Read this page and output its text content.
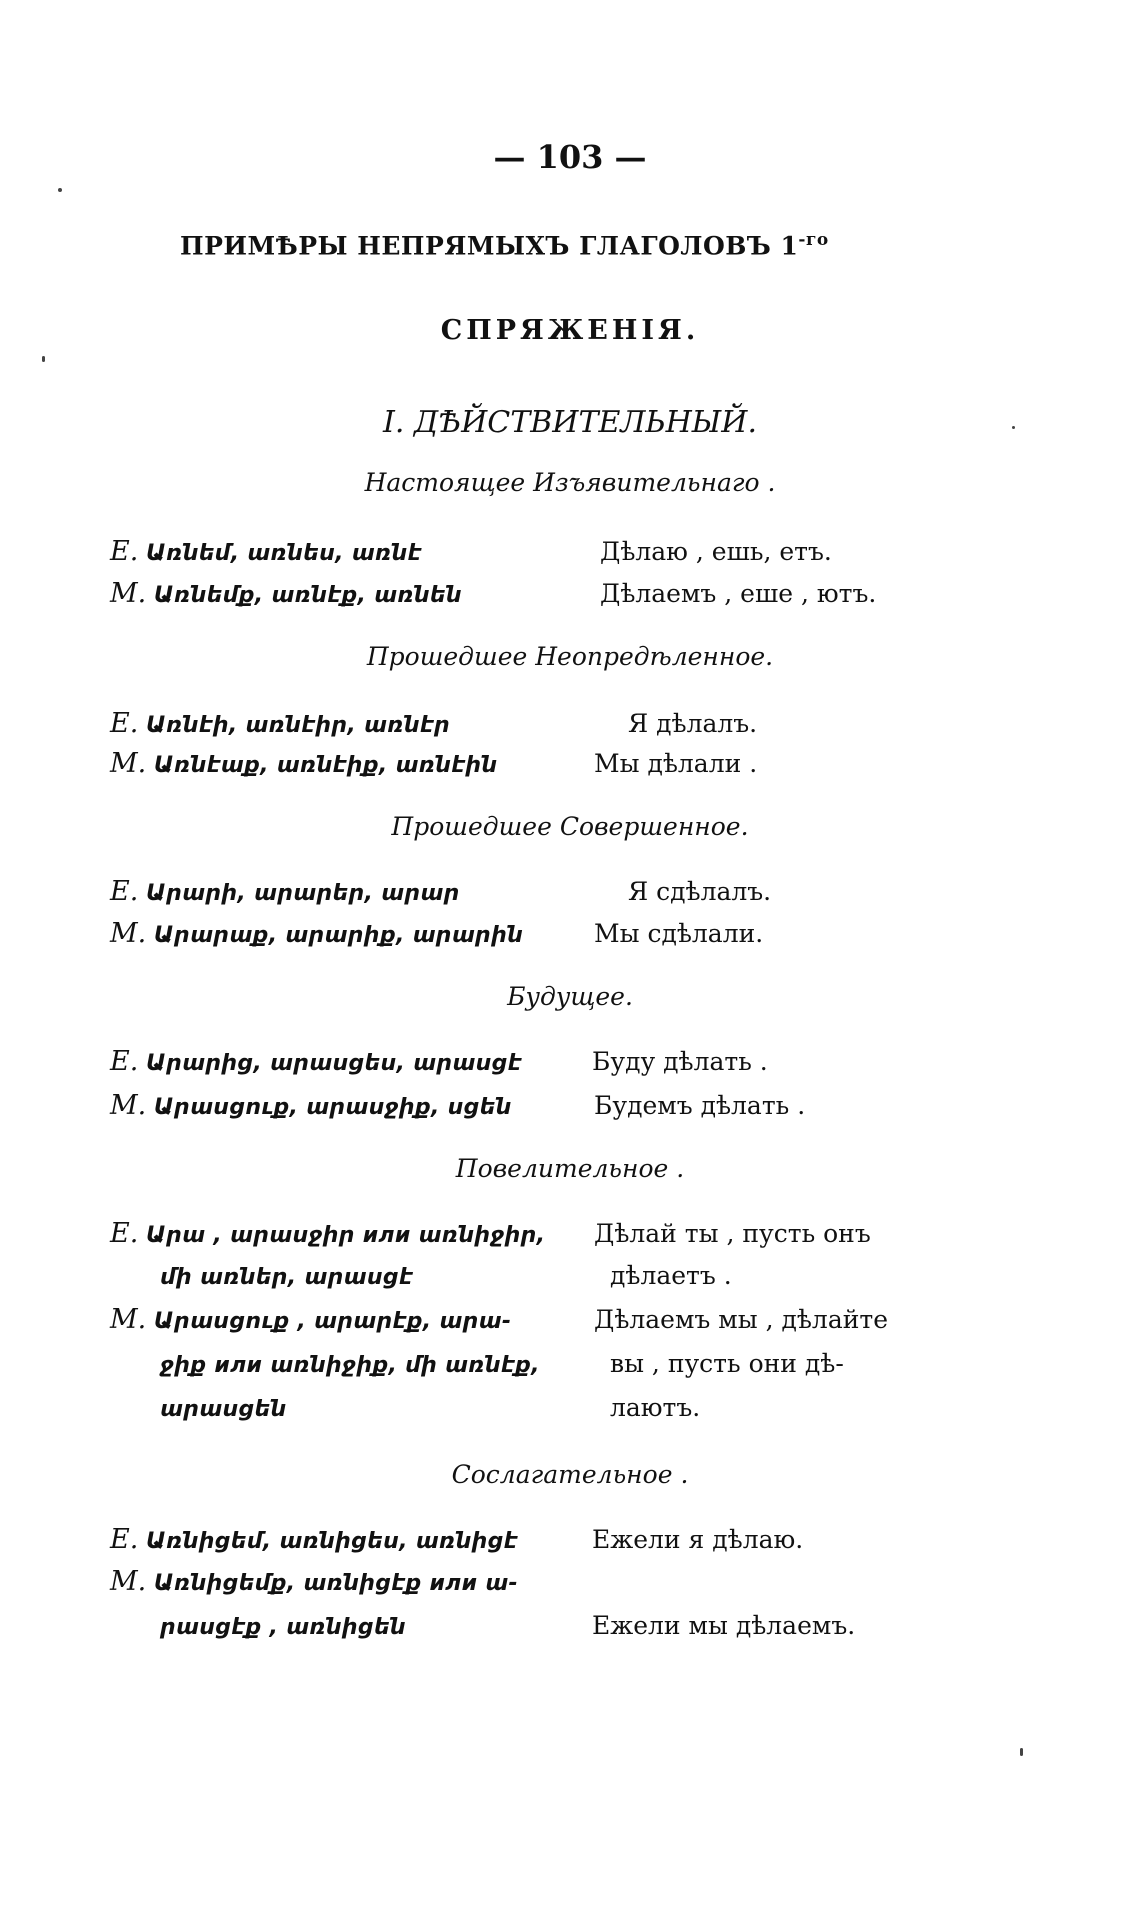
— 103 —
ПРИМѢРЫ НЕПРЯМЫХЪ ГЛАГОЛОВЪ $1^{-го}$
СПРЯЖЕНІЯ.
I. ДѢЙСТВИТЕЛЬНЫЙ.
Настоящее Изъявительнаго .
Е. Առնեմ, առնես, առնէ	Дѣлаю , ешь, етъ.
М. Առնեմք, առնէք, առնեն	Дѣлаемъ , еше , ютъ.
Прошедшее Неопредѣленное.
Е. Առնէի, առնէիր, առնէր	Я дѣлалъ.
М. Առնէաք, առնէիք, առնէին	Мы дѣлали .
Прошедшее Совершенное.
Е. Արարի, արարեր, արար	Я сдѣлалъ.
М. Արարաք, արարիք, արարին	Мы сдѣлали.
Будущее.
Е. Արարից, արասցես, արասցէ	Буду дѣлать .
М. Արասցուք, արասջիք, սցեն	Будемъ дѣлать .
Повелительное .
Е. Արա , արասջիր или առնիջիր, Дѣлай ты , пусть онъ
մի առներ, արասցէ	дѣлаетъ .
М. Արասցուք , արարէք, արա-	Дѣлаемъ мы , дѣлайте
ջիք или առնիջիք, մի առնէք,	вы , пусть они дѣ-
արասցեն	лаютъ.
Сослагательное .
Е. Առնիցեմ, առնիցես, առնիցէ	Ежели я дѣлаю.
М. Առնիցեմք, առնիցէք или ա-
րասցէք , առնիցեն	Ежели мы дѣлаемъ.
